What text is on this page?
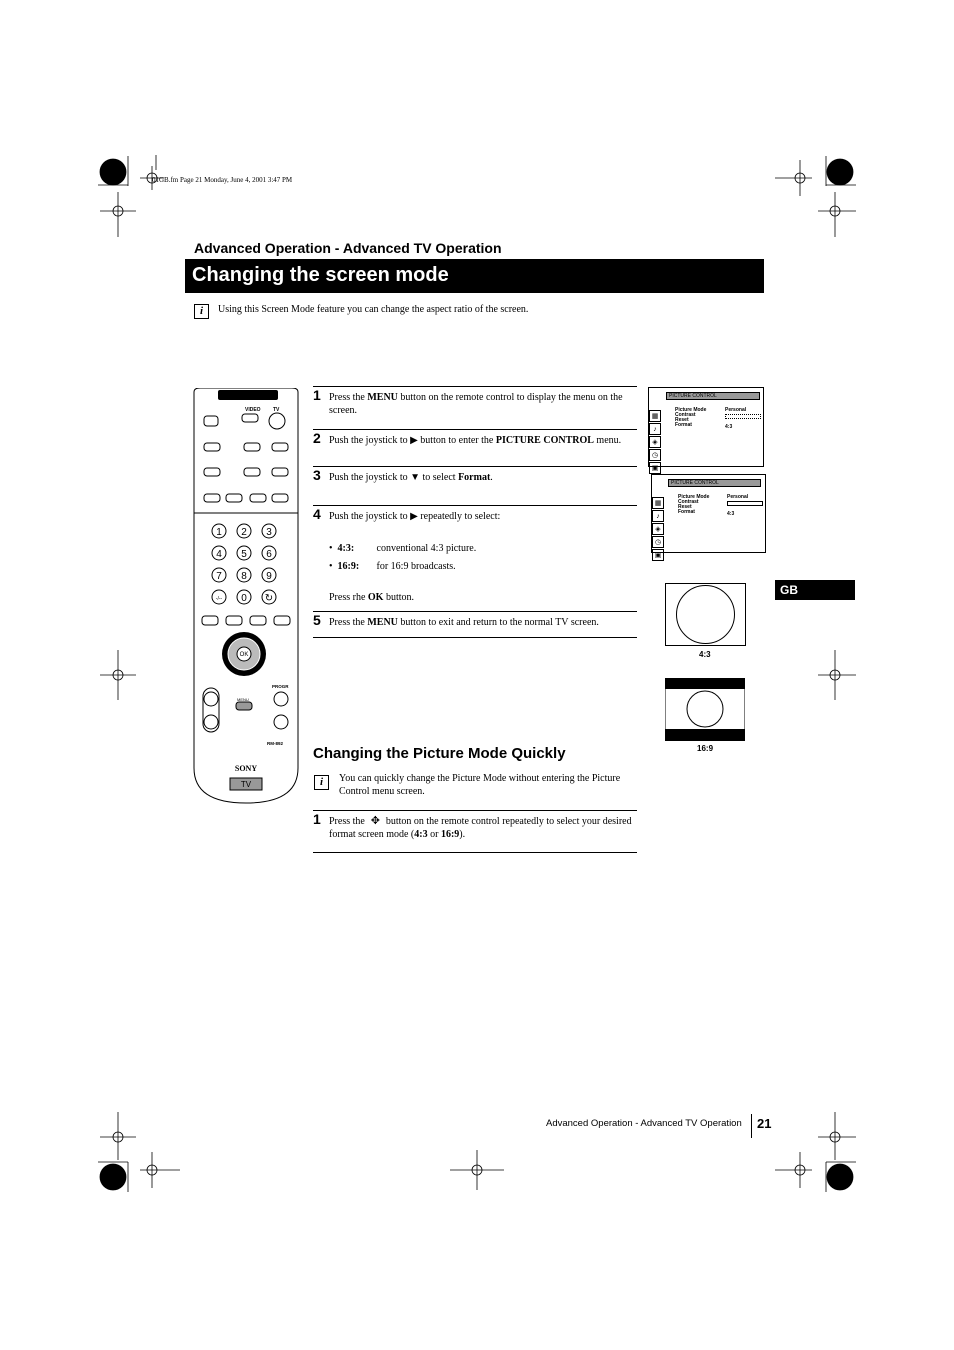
01GB.fm Page 21 Monday, June 4, 2001 3:47 PM
Advanced Operation - Advanced TV Operation
Changing the screen mode
i	Using this Screen Mode feature you can change the aspect ratio of the screen.
VIDEO TV
1 2 3
4 5 6
7 8 9
-/-- 0 ↻
OK
PROGR
MENU
RM-892
SONY
TV
1 Press the MENU button on the remote control to display the menu on the screen.
2 Push the joystick to ▶ button to enter the PICTURE CONTROL menu.
3 Push the joystick to ▼ to select Format.
4 Push the joystick to ▶ repeatedly to select:
•  4:3: conventional 4:3 picture.
•  16:9: for 16:9 broadcasts.
Press rhe OK button.
5 Press the MENU button to exit and return to the normal TV screen.
Changing the Picture Mode Quickly
i	You can quickly change the Picture Mode without entering the Picture Control menu screen.
1 Press the ✥ button on the remote control repeatedly to select your desired format screen mode (4:3 or 16:9).
▦
♪
◈
◷
▣
PICTURE CONTROL
Picture Mode
Contrast
Reset
Format
Personal

4:3
▦
♪
◈
◷
▣
PICTURE CONTROL
Picture Mode
Contrast
Reset
Format
Personal

4:3
GB
4:3
16:9
Advanced Operation - Advanced TV Operation 21
